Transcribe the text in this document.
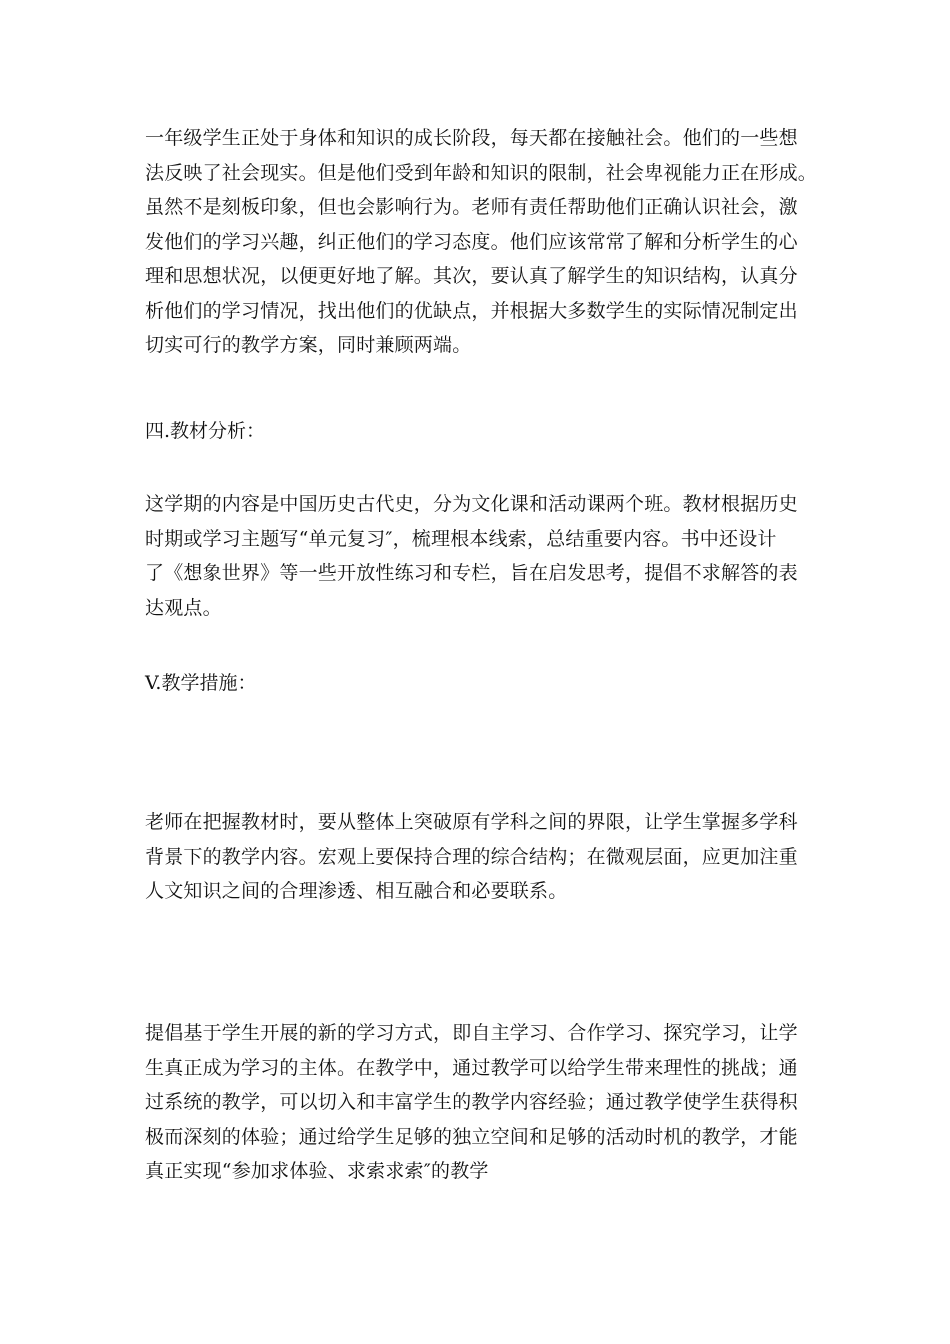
一年级学生正处于身体和知识的成长阶段，每天都在接触社会。他们的一些想
法反映了社会现实。但是他们受到年龄和知识的限制，社会卑视能力正在形成。
虽然不是刻板印象，但也会影响行为。老师有责任帮助他们正确认识社会，激
发他们的学习兴趣，纠正他们的学习态度。他们应该常常了解和分析学生的心
理和思想状况，以便更好地了解。其次，要认真了解学生的知识结构，认真分
析他们的学习情况，找出他们的优缺点，并根据大多数学生的实际情况制定出
切实可行的教学方案，同时兼顾两端。
四.教材分析：
这学期的内容是中国历史古代史，分为文化课和活动课两个班。教材根据历史
时期或学习主题写“单元复习″，梳理根本线索，总结重要内容。书中还设计
了《想象世界》等一些开放性练习和专栏，旨在启发思考，提倡不求解答的表
达观点。
V.教学措施：
老师在把握教材时，要从整体上突破原有学科之间的界限，让学生掌握多学科
背景下的教学内容。宏观上要保持合理的综合结构；在微观层面，应更加注重
人文知识之间的合理渗透、相互融合和必要联系。
提倡基于学生开展的新的学习方式，即自主学习、合作学习、探究学习，让学
生真正成为学习的主体。在教学中，通过教学可以给学生带来理性的挑战；通
过系统的教学，可以切入和丰富学生的教学内容经验；通过教学使学生获得积
极而深刻的体验；通过给学生足够的独立空间和足够的活动时机的教学，才能
真正实现“参加求体验、求索求索″的教学
